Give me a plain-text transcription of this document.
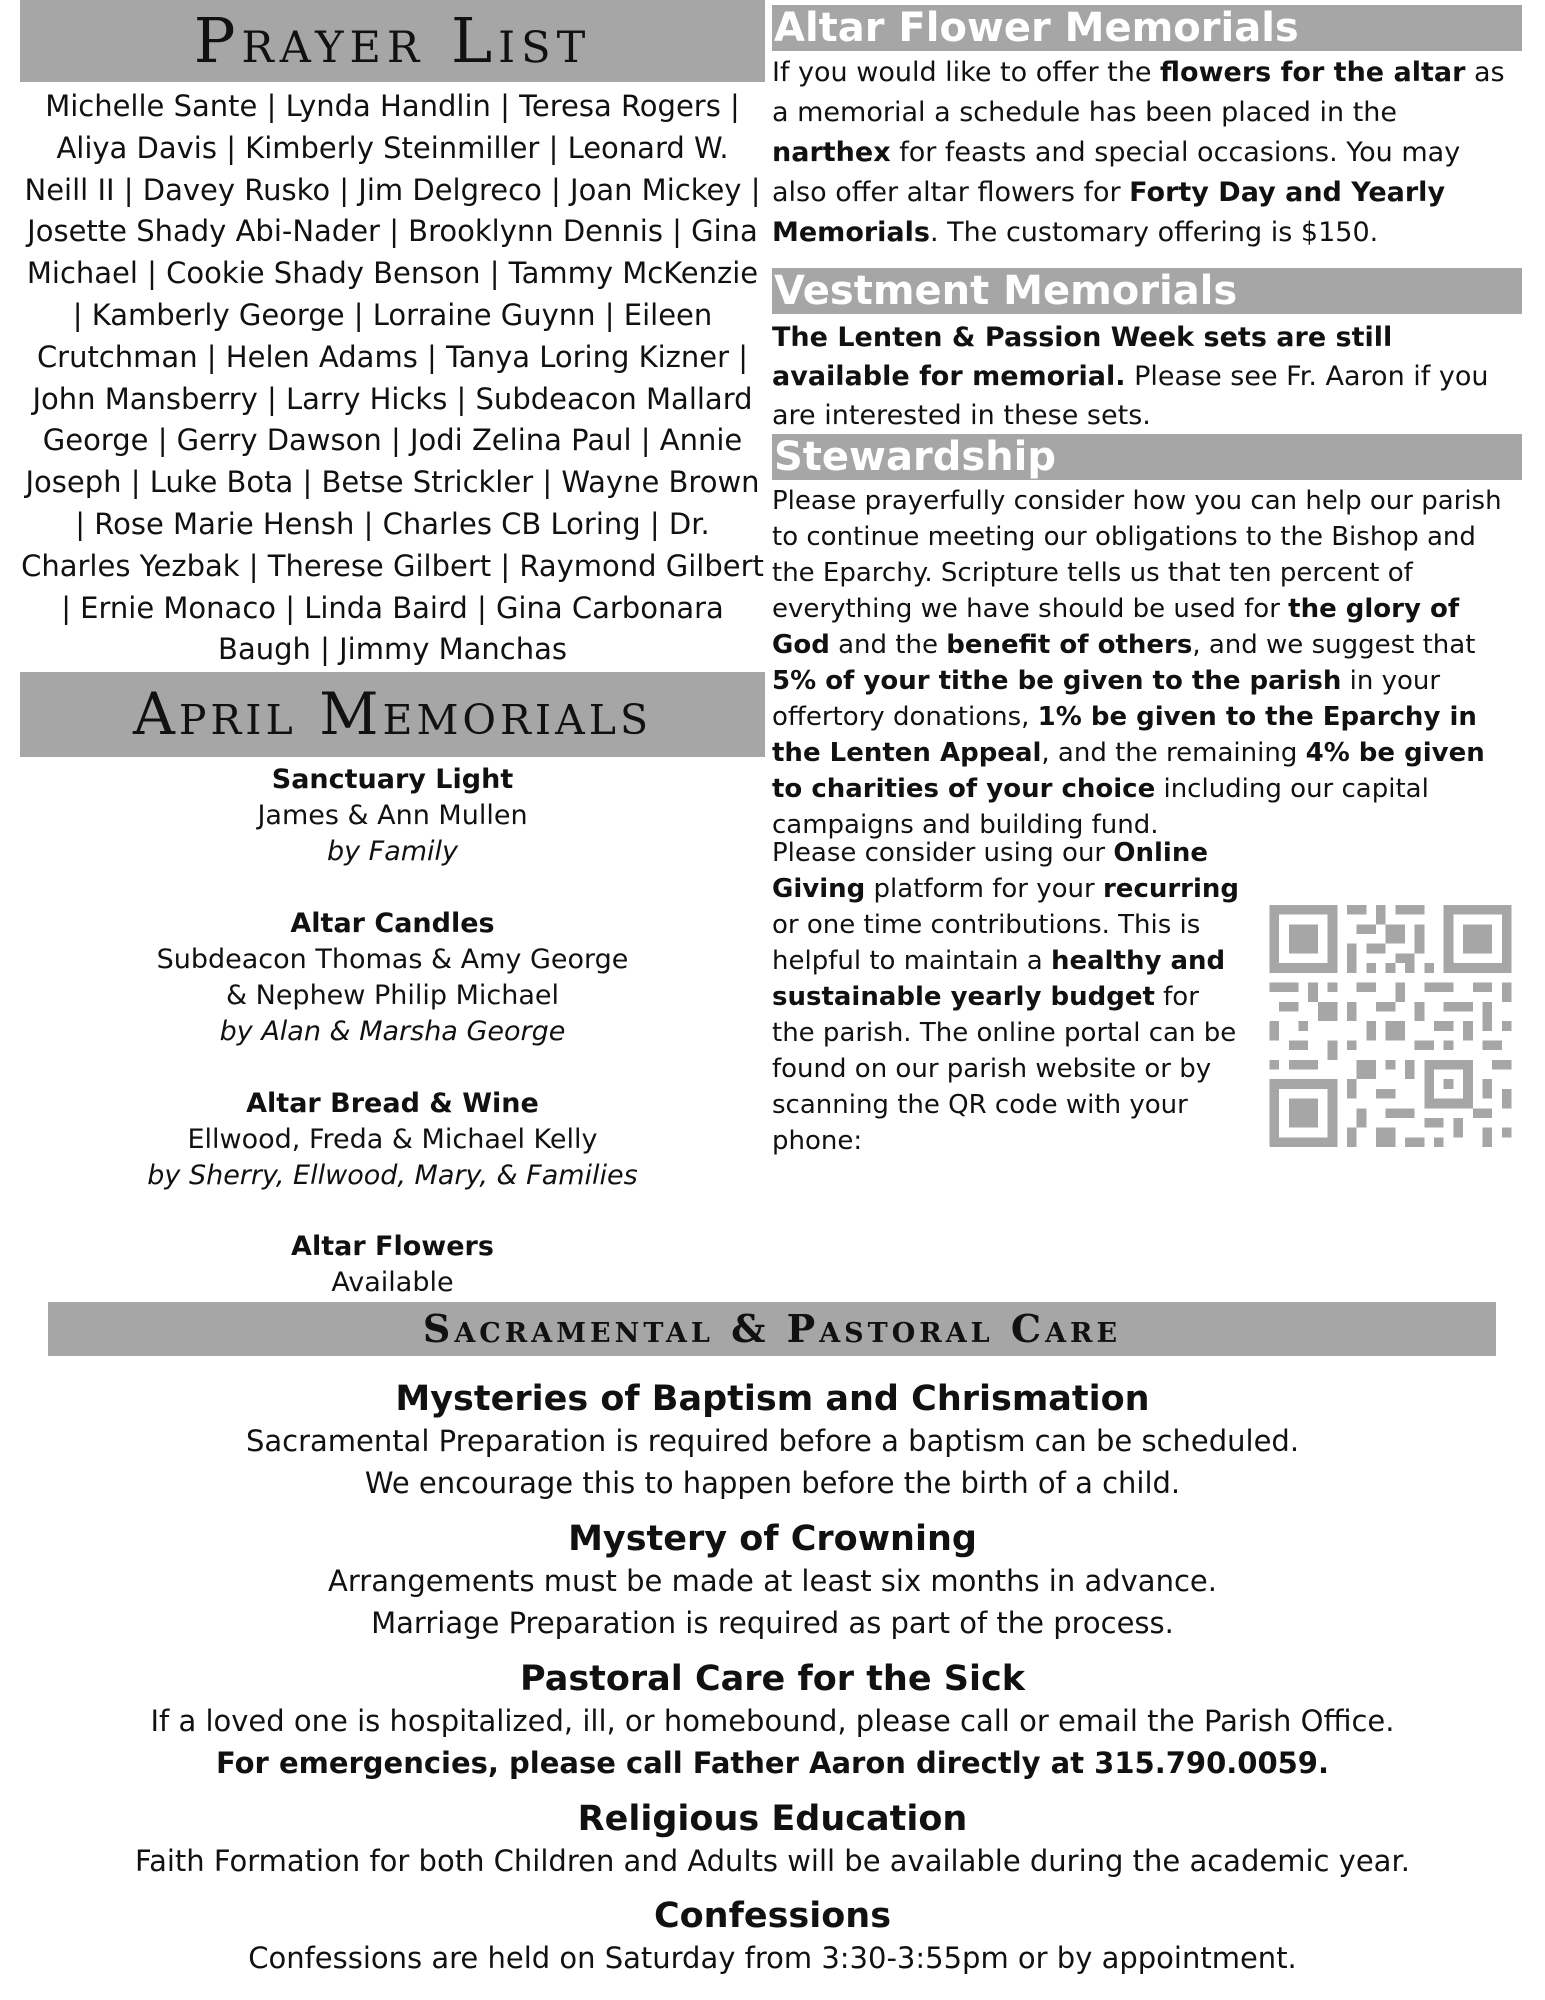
Prayer List

Michelle Sante | Lynda Handlin | Teresa Rogers | Aliya Davis | Kimberly Steinmiller | Leonard W. Neill II | Davey Rusko | Jim Delgreco | Joan Mickey | Josette Shady Abi-Nader | Brooklynn Dennis | Gina Michael | Cookie Shady Benson | Tammy McKenzie | Kamberly George | Lorraine Guynn | Eileen Crutchman | Helen Adams | Tanya Loring Kizner | John Mansberry | Larry Hicks | Subdeacon Mallard George | Gerry Dawson | Jodi Zelina Paul | Annie Joseph | Luke Bota | Betse Strickler | Wayne Brown | Rose Marie Hensh | Charles CB Loring | Dr. Charles Yezbak | Therese Gilbert | Raymond Gilbert | Ernie Monaco | Linda Baird | Gina Carbonara Baugh | Jimmy Manchas

April Memorials
Sanctuary Light
James & Ann Mullen
by Family
Altar Candles
Subdeacon Thomas & Amy George
& Nephew Philip Michael
by Alan & Marsha George
Altar Bread & Wine
Ellwood, Freda & Michael Kelly
by Sherry, Ellwood, Mary, & Families
Altar Flowers
Available
Altar Flower Memorials

If you would like to offer the flowers for the altar as a memorial a schedule has been placed in the narthex for feasts and special occasions. You may also offer altar flowers for Forty Day and Yearly Memorials. The customary offering is $150.

Vestment Memorials

The Lenten & Passion Week sets are still available for memorial. Please see Fr. Aaron if you are interested in these sets.

Stewardship

Please prayerfully consider how you can help our parish to continue meeting our obligations to the Bishop and the Eparchy. Scripture tells us that ten percent of everything we have should be used for the glory of God and the benefit of others, and we suggest that 5% of your tithe be given to the parish in your offertory donations, 1% be given to the Eparchy in the Lenten Appeal, and the remaining 4% be given to charities of your choice including our capital campaigns and building fund.

Please consider using our Online Giving platform for your recurring or one time contributions. This is helpful to maintain a healthy and sustainable yearly budget for the parish. The online portal can be found on our parish website or by scanning the QR code with your phone:

Sacramental & Pastoral Care
Mysteries of Baptism and Chrismation

Sacramental Preparation is required before a baptism can be scheduled.

We encourage this to happen before the birth of a child.

Mystery of Crowning

Arrangements must be made at least six months in advance.

Marriage Preparation is required as part of the process.

Pastoral Care for the Sick

If a loved one is hospitalized, ill, or homebound, please call or email the Parish Office.

For emergencies, please call Father Aaron directly at 315.790.0059.

Religious Education

Faith Formation for both Children and Adults will be available during the academic year.

Confessions

Confessions are held on Saturday from 3:30-3:55pm or by appointment.
